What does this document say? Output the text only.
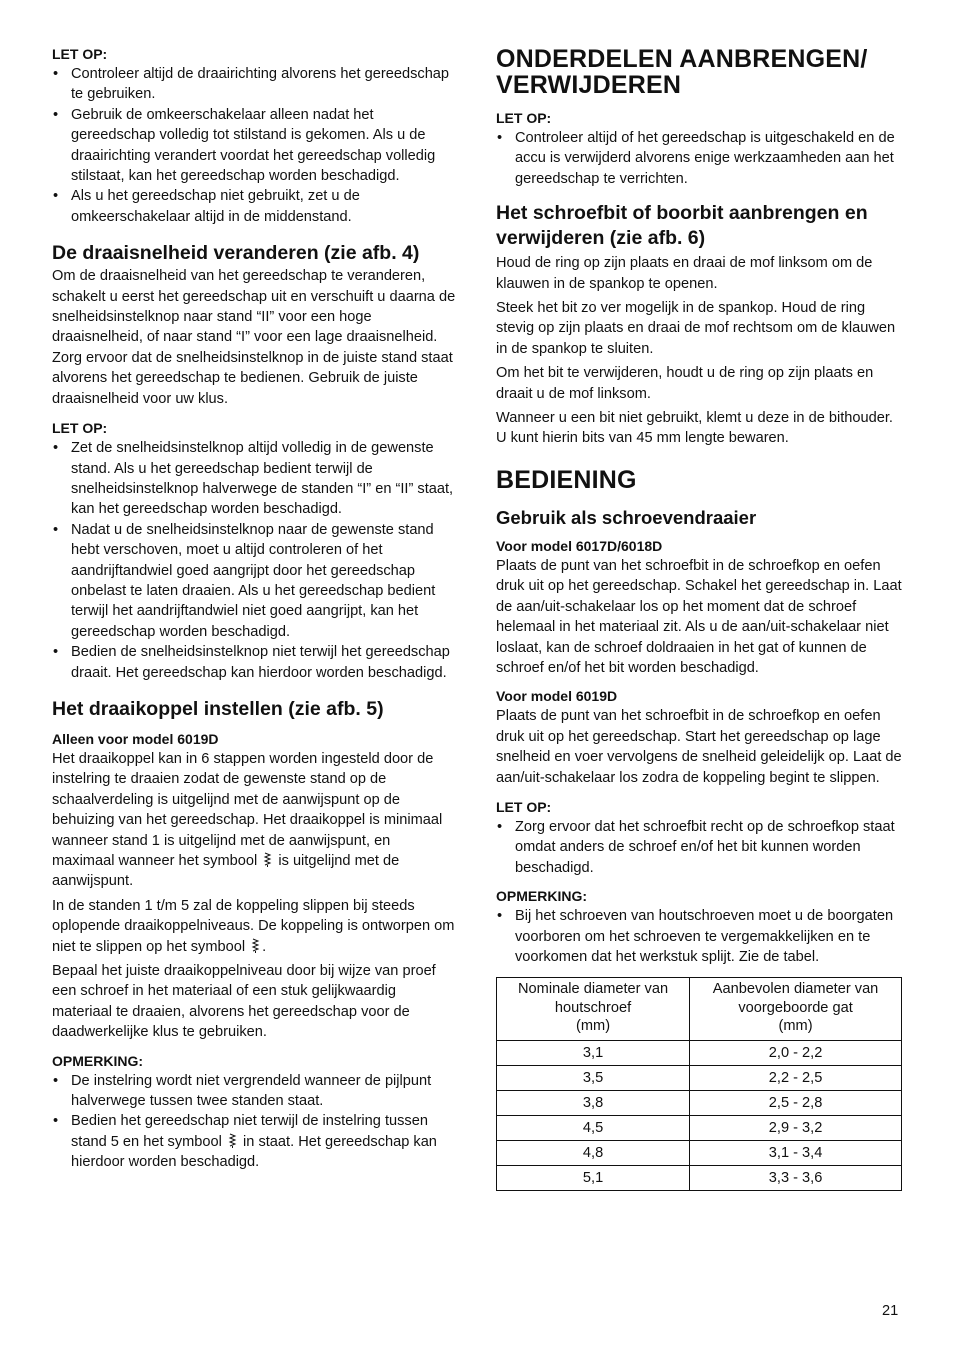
LET OP:
• Controleer altijd de draairichting alvorens het gereedschap te gebruiken.
• Gebruik de omkeerschakelaar alleen nadat het gereedschap volledig tot stilstand is gekomen. Als u de draairichting verandert voordat het gereedschap volledig stilstaat, kan het gereedschap worden beschadigd.
• Als u het gereedschap niet gebruikt, zet u de omkeerschakelaar altijd in de middenstand.
De draaisnelheid veranderen (zie afb. 4)

Om de draaisnelheid van het gereedschap te veranderen, schakelt u eerst het gereedschap uit en verschuift u daarna de snelheidsinstelknop naar stand “II” voor een hoge draaisnelheid, of naar stand “I” voor een lage draaisnelheid. Zorg ervoor dat de snelheidsinstelknop in de juiste stand staat alvorens het gereedschap te bedienen. Gebruik de juiste draaisnelheid voor uw klus.

LET OP:
• Zet de snelheidsinstelknop altijd volledig in de gewenste stand. Als u het gereedschap bedient terwijl de snelheidsinstelknop halverwege de standen “I” en “II” staat, kan het gereedschap worden beschadigd.
• Nadat u de snelheidsinstelknop naar de gewenste stand hebt verschoven, moet u altijd controleren of het aandrijftandwiel goed aangrijpt door het gereedschap onbelast te laten draaien. Als u het gereedschap bedient terwijl het aandrijftandwiel niet goed aangrijpt, kan het gereedschap worden beschadigd.
• Bedien de snelheidsinstelknop niet terwijl het gereedschap draait. Het gereedschap kan hierdoor worden beschadigd.
Het draaikoppel instellen (zie afb. 5)
Alleen voor model 6019D

Het draaikoppel kan in 6 stappen worden ingesteld door de instelring te draaien zodat de gewenste stand op de schaalverdeling is uitgelijnd met de aanwijspunt op de behuizing van het gereedschap. Het draaikoppel is minimaal wanneer stand 1 is uitgelijnd met de aanwijspunt, en maximaal wanneer het symbool is uitgelijnd met de aanwijspunt.

In de standen 1 t/m 5 zal de koppeling slippen bij steeds oplopende draaikoppelniveaus. De koppeling is ontworpen om niet te slippen op het symbool .

Bepaal het juiste draaikoppelniveau door bij wijze van proef een schroef in het materiaal of een stuk gelijkwaardig materiaal te draaien, alvorens het gereedschap voor de daadwerkelijke klus te gebruiken.

OPMERKING:
• De instelring wordt niet vergrendeld wanneer de pijlpunt halverwege tussen twee standen staat.
• Bedien het gereedschap niet terwijl de instelring tussen stand 5 en het symbool in staat. Het gereedschap kan hierdoor worden beschadigd.
ONDERDELEN AANBRENGEN/
VERWIJDEREN
LET OP:
• Controleer altijd of het gereedschap is uitgeschakeld en de accu is verwijderd alvorens enige werkzaamheden aan het gereedschap te verrichten.
Het schroefbit of boorbit aanbrengen en verwijderen (zie afb. 6)

Houd de ring op zijn plaats en draai de mof linksom om de klauwen in de spankop te openen.

Steek het bit zo ver mogelijk in de spankop. Houd de ring stevig op zijn plaats en draai de mof rechtsom om de klauwen in de spankop te sluiten.

Om het bit te verwijderen, houdt u de ring op zijn plaats en draait u de mof linksom.

Wanneer u een bit niet gebruikt, klemt u deze in de bithouder. U kunt hierin bits van 45 mm lengte bewaren.

BEDIENING
Gebruik als schroevendraaier
Voor model 6017D/6018D

Plaats de punt van het schroefbit in de schroefkop en oefen druk uit op het gereedschap. Schakel het gereedschap in. Laat de aan/uit-schakelaar los op het moment dat de schroef helemaal in het materiaal zit. Als u de aan/uit-schakelaar niet loslaat, kan de schroef doldraaien in het gat of kunnen de schroef en/of het bit worden beschadigd.

Voor model 6019D

Plaats de punt van het schroefbit in de schroefkop en oefen druk uit op het gereedschap. Start het gereedschap op lage snelheid en voer vervolgens de snelheid geleidelijk op. Laat de aan/uit-schakelaar los zodra de koppeling begint te slippen.

LET OP:
• Zorg ervoor dat het schroefbit recht op de schroefkop staat omdat anders de schroef en/of het bit kunnen worden beschadigd.
OPMERKING:
• Bij het schroeven van houtschroeven moet u de boorgaten voorboren om het schroeven te vergemakkelijken en te voorkomen dat het werkstuk splijt. Zie de tabel.
Nominale diameter van
houtschroef
(mm)	Aanbevolen diameter van
voorgeboorde gat
(mm)
3,1	2,0 - 2,2
3,5	2,2 - 2,5
3,8	2,5 - 2,8
4,5	2,9 - 3,2
4,8	3,1 - 3,4
5,1	3,3 - 3,6
21
